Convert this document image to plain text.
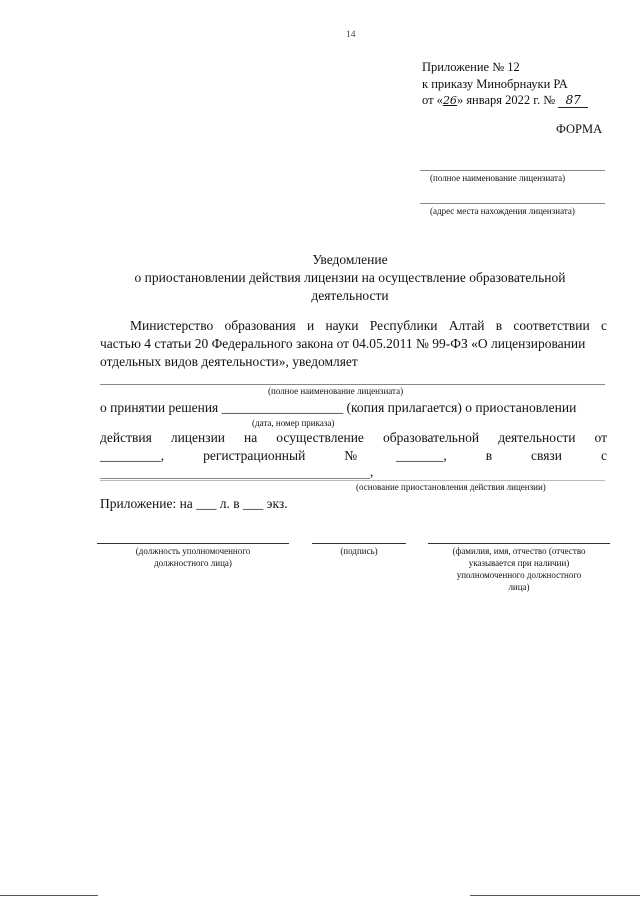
14
Приложение № 12
к приказу Минобрнауки РА
от «26» января 2022 г. № 87
ФОРМА
(полное наименование лицензиата)
(адрес места нахождения лицензиата)
Уведомление
о приостановлении действия лицензии на осуществление образовательной
деятельности
Министерство образования и науки Республики Алтай в соответствии с
частью 4 статьи 20 Федерального закона от 04.05.2011 № 99-ФЗ «О лицензировании
отдельных видов деятельности», уведомляет
(полное наименование лицензиата)
о принятии решения __________________ (копия прилагается) о приостановлении
(дата, номер приказа)
действия лицензии на осуществление образовательной деятельности от
_________,	регистрационный	№	_______,	в	связи	с
,
(основание приостановления действия лицензии)
Приложение: на ___ л. в ___ экз.
(должность уполномоченного
должностного лица)
(подпись)	(фамилия, имя, отчество (отчество
указывается при наличии)
уполномоченного должностного
лица)
